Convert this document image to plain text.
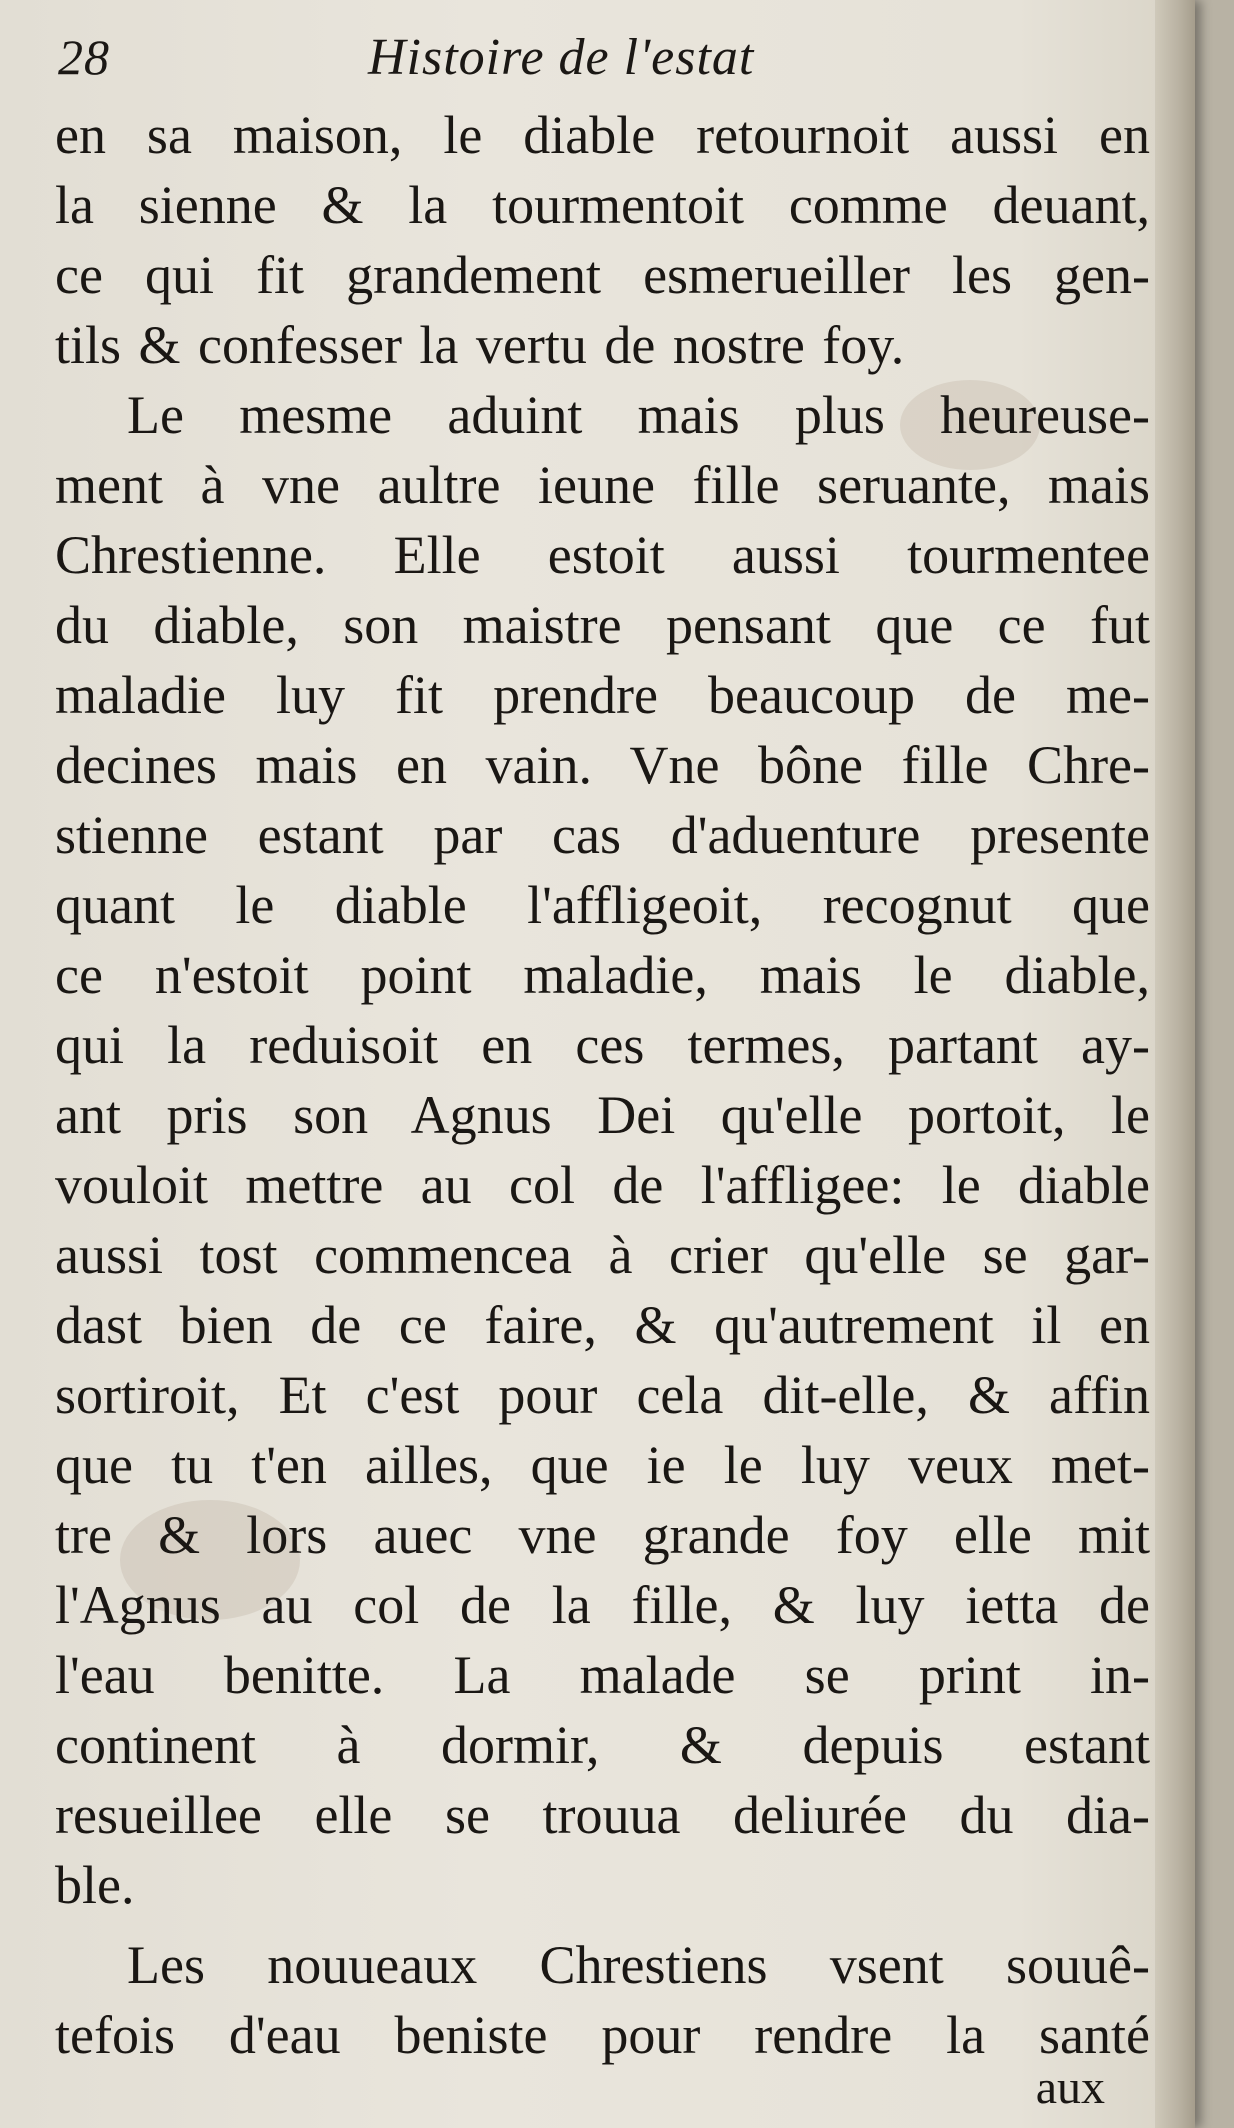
28	Histoire de l'estat
en sa maison, le diable retournoit aussi en
la sienne & la tourmentoit comme deuant,
ce qui fit grandement esmerueiller les gen-
tils & confesser la vertu de nostre foy.
Le mesme aduint mais plus heureuse-
ment à vne aultre ieune fille seruante, mais
Chrestienne. Elle estoit aussi tourmentee
du diable, son maistre pensant que ce fut
maladie luy fit prendre beaucoup de me-
decines mais en vain. Vne bône fille Chre-
stienne estant par cas d'aduenture presente
quant le diable l'affligeoit, recognut que
ce n'estoit point maladie, mais le diable,
qui la reduisoit en ces termes, partant ay-
ant pris son Agnus Dei qu'elle portoit, le
vouloit mettre au col de l'affligee: le diable
aussi tost commencea à crier qu'elle se gar-
dast bien de ce faire, & qu'autrement il en
sortiroit, Et c'est pour cela dit-elle, & affin
que tu t'en ailles, que ie le luy veux met-
tre & lors auec vne grande foy elle mit
l'Agnus au col de la fille, & luy ietta de
l'eau benitte. La malade se print in-
continent à dormir, & depuis estant
resueillee elle se trouua deliurée du dia-
ble.
Les nouueaux Chrestiens vsent souuê-
tefois d'eau beniste pour rendre la santé
aux
